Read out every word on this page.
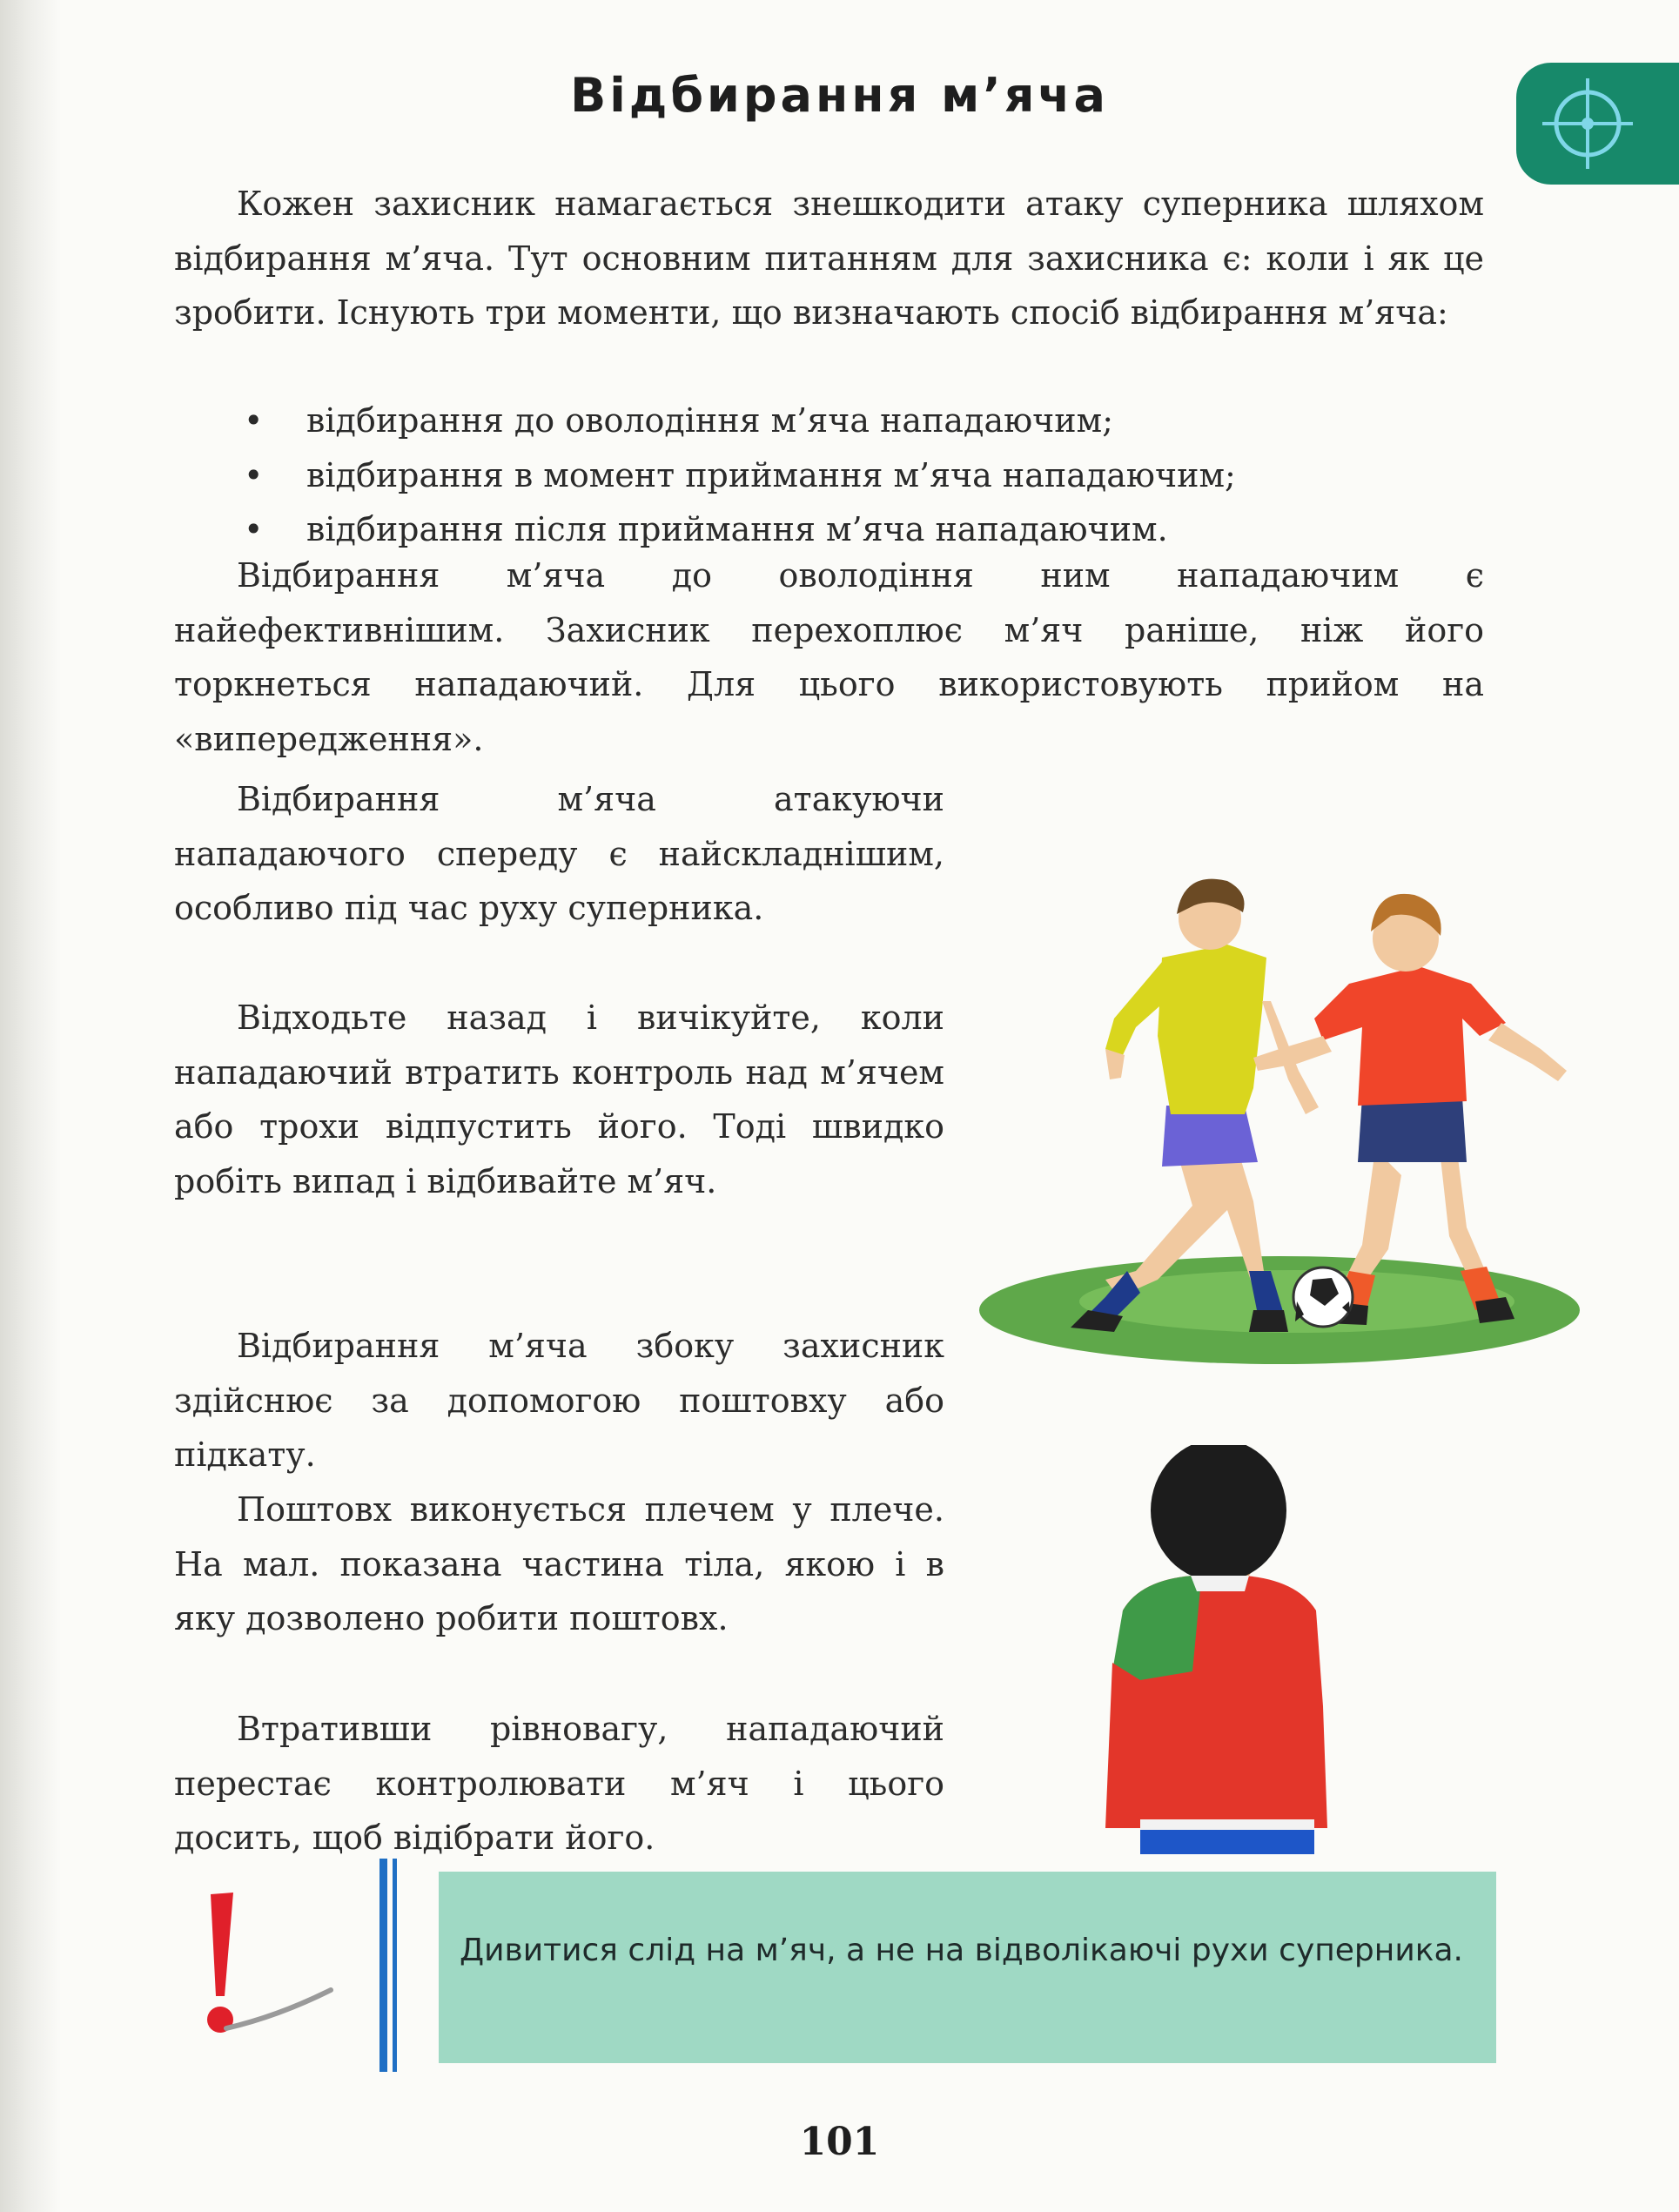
Відбирання м’яча

Кожен захисник намагається знешкодити атаку суперника шляхом відбирання м’яча. Тут основним питанням для захисника є: коли і як це зробити. Існують три моменти, що визначають спосіб відбирання м’яча:

• відбирання до оволодіння м’яча нападаючим;
• відбирання в момент приймання м’яча нападаючим;
• відбирання після приймання м’яча нападаючим.

Відбирання м’яча до оволодіння ним нападаючим є найефективнішим. Захисник перехоплює м’яч раніше, ніж його торкнеться нападаючий. Для цього використовують прийом на «випередження».

Відбирання м’яча атакуючи нападаючого спереду є найскладнішим, особливо під час руху суперника.

Відходьте назад і вичікуйте, коли нападаючий втратить контроль над м’ячем або трохи відпустить його. Тоді швидко робіть випад і відбивайте м’яч.

Відбирання м’яча збоку захисник здійснює за допомогою поштовху або підкату.

Поштовх виконується плечем у плече. На мал. показана частина тіла, якою і в яку дозволено робити поштовх.

Втративши рівновагу, нападаючий перестає контролювати м’яч і цього досить, щоб відібрати його.

Дивитися слід на м’яч, а не на відволікаючі рухи суперника.

101
